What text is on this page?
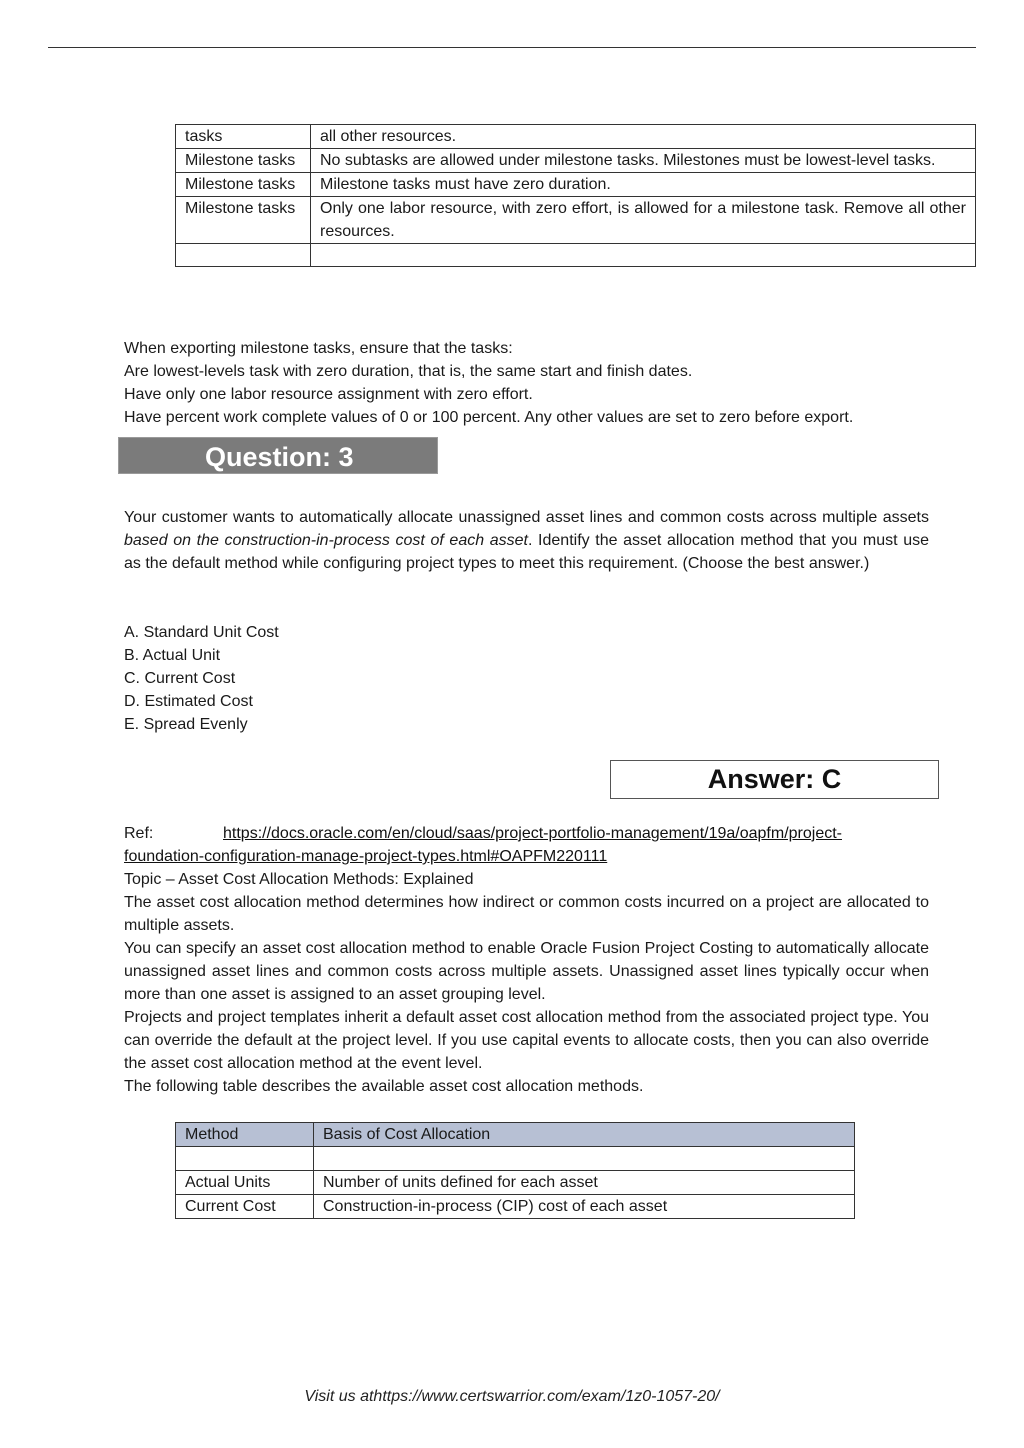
tasks	all other resources.
Milestone tasks	No subtasks are allowed under milestone tasks. Milestones must be lowest-level tasks.
Milestone tasks	Milestone tasks must have zero duration.
Milestone tasks	Only one labor resource, with zero effort, is allowed for a milestone task. Remove all other resources.

When exporting milestone tasks, ensure that the tasks:

Are lowest-levels task with zero duration, that is, the same start and finish dates.

Have only one labor resource assignment with zero effort.

Have percent work complete values of 0 or 100 percent. Any other values are set to zero before export.

Question: 3

Your customer wants to automatically allocate unassigned asset lines and common costs across multiple assets based on the construction-in-process cost of each asset. Identify the asset allocation method that you must use as the default method while configuring project types to meet this requirement. (Choose the best answer.)

A. Standard Unit Cost

B. Actual Unit

C. Current Cost

D. Estimated Cost

E. Spread Evenly

Answer: C
Ref:	https://docs.oracle.com/en/cloud/saas/project-portfolio-management/19a/oapfm/project-

foundation-configuration-manage-project-types.html#OAPFM220111

Topic – Asset Cost Allocation Methods: Explained

The asset cost allocation method determines how indirect or common costs incurred on a project are allocated to multiple assets.

You can specify an asset cost allocation method to enable Oracle Fusion Project Costing to automatically allocate unassigned asset lines and common costs across multiple assets. Unassigned asset lines typically occur when more than one asset is assigned to an asset grouping level.

Projects and project templates inherit a default asset cost allocation method from the associated project type. You can override the default at the project level. If you use capital events to allocate costs, then you can also override the asset cost allocation method at the event level.

The following table describes the available asset cost allocation methods.

Method	Basis of Cost Allocation

Actual Units	Number of units defined for each asset
Current Cost	Construction-in-process (CIP) cost of each asset
Visit us athttps://www.certswarrior.com/exam/1z0-1057-20/
